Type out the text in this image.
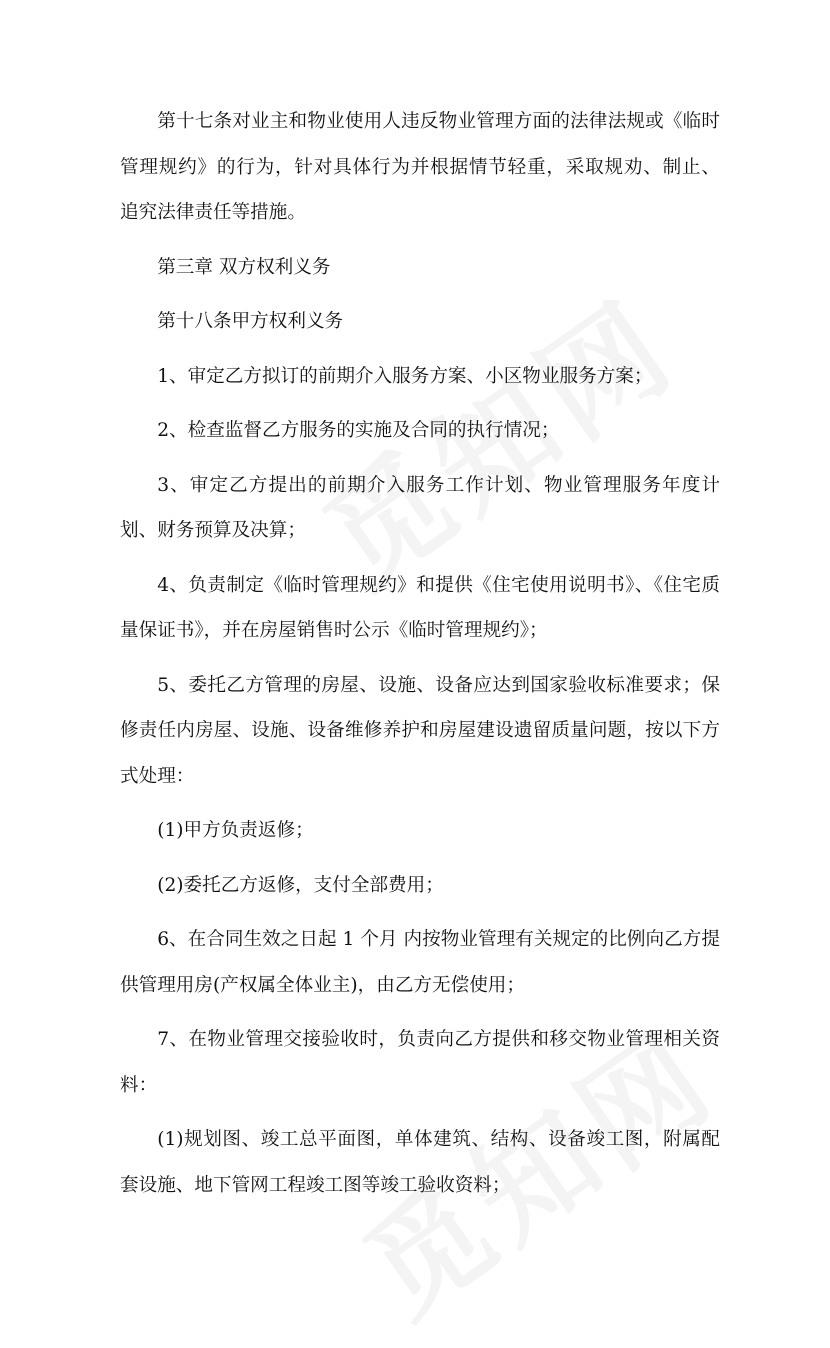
第十七条对业主和物业使用人违反物业管理方面的法律法规或《临时管理规约》的行为，针对具体行为并根据情节轻重，采取规劝、制止、 追究法律责任等措施。

第三章 双方权利义务

第十八条甲方权利义务

1、审定乙方拟订的前期介入服务方案、小区物业服务方案；

2、检查监督乙方服务的实施及合同的执行情况；

3、审定乙方提出的前期介入服务工作计划、物业管理服务年度计划、财务预算及决算；

4、负责制定《临时管理规约》和提供《住宅使用说明书》、《住宅质量保证书》，并在房屋销售时公示《临时管理规约》；

5、委托乙方管理的房屋、设施、设备应达到国家验收标准要求；保修责任内房屋、设施、设备维修养护和房屋建设遗留质量问题，按以下方式处理：

(1)甲方负责返修；

(2)委托乙方返修，支付全部费用；

6、在合同生效之日起 1 个月 内按物业管理有关规定的比例向乙方提供管理用房(产权属全体业主)，由乙方无偿使用；

7、在物业管理交接验收时，负责向乙方提供和移交物业管理相关资料：

(1)规划图、竣工总平面图，单体建筑、结构、设备竣工图，附属配套设施、地下管网工程竣工图等竣工验收资料；
